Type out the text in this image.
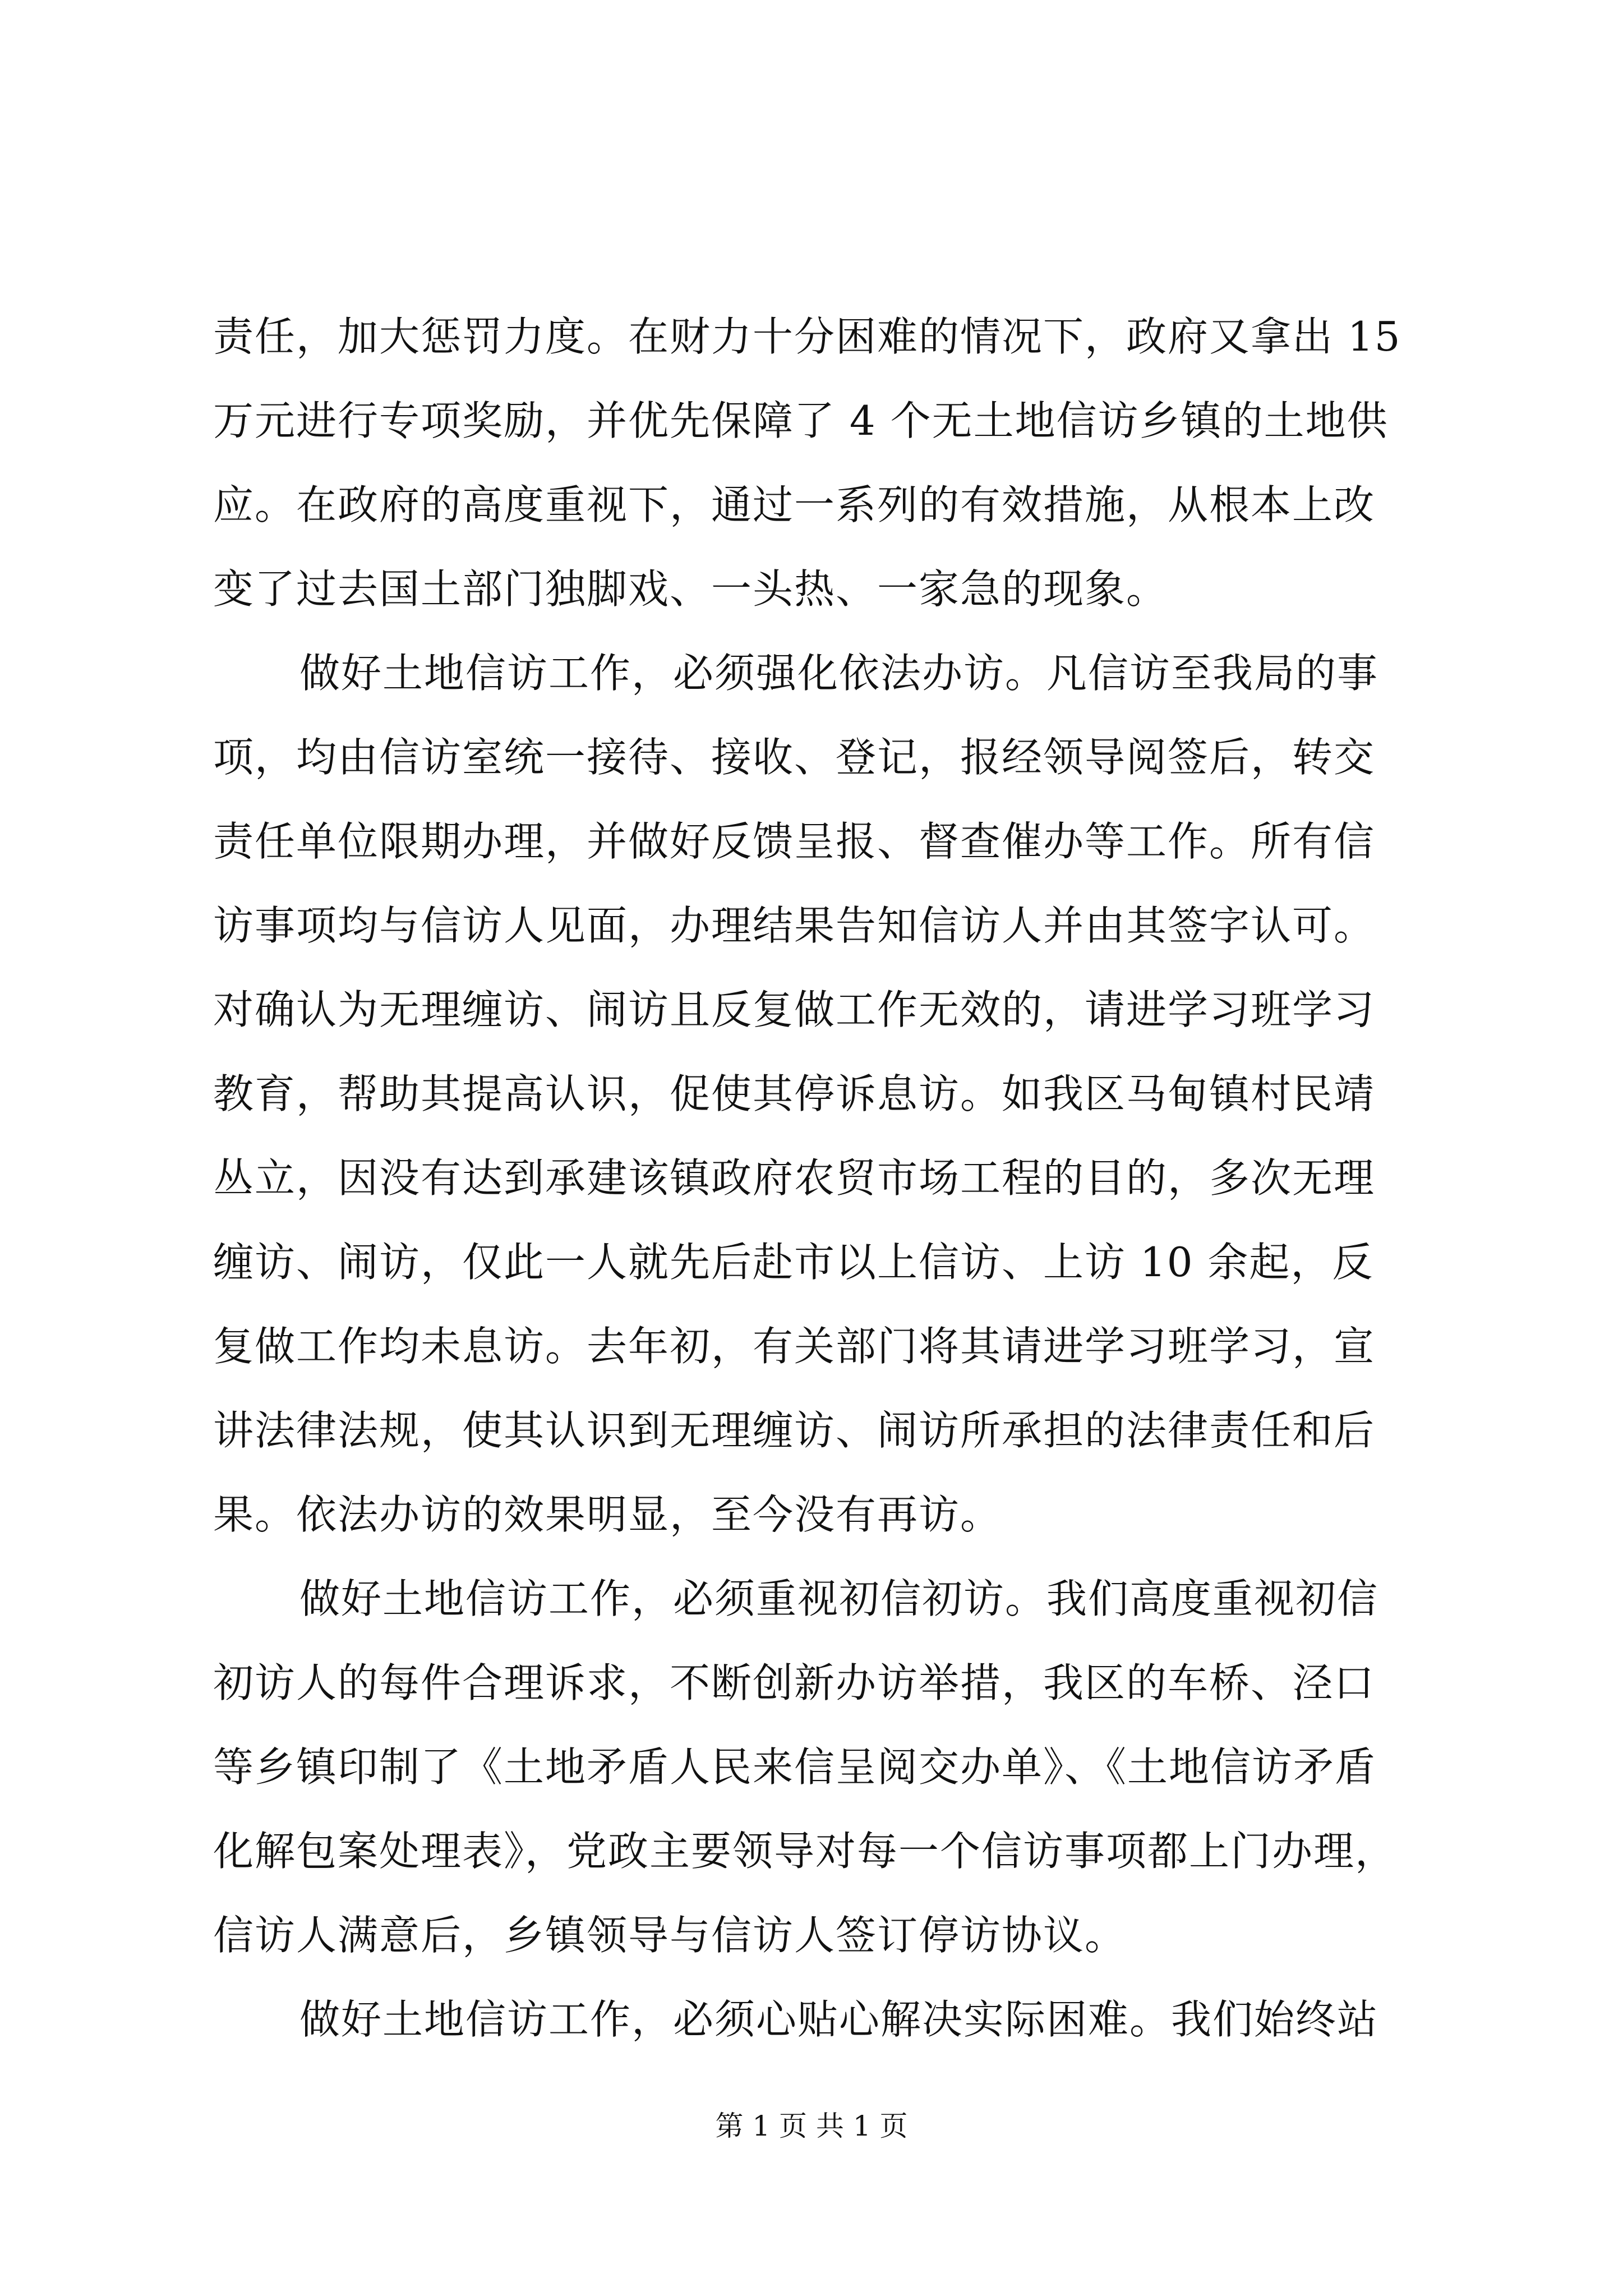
责任，加大惩罚力度。在财力十分困难的情况下，政府又拿出 15
万元进行专项奖励，并优先保障了 4 个无土地信访乡镇的土地供
应。在政府的高度重视下，通过一系列的有效措施，从根本上改
变了过去国土部门独脚戏、一头热、一家急的现象。
做好土地信访工作，必须强化依法办访。凡信访至我局的事
项，均由信访室统一接待、接收、登记，报经领导阅签后，转交
责任单位限期办理，并做好反馈呈报、督查催办等工作。所有信
访事项均与信访人见面，办理结果告知信访人并由其签字认可。
对确认为无理缠访、闹访且反复做工作无效的，请进学习班学习
教育，帮助其提高认识，促使其停诉息访。如我区马甸镇村民靖
丛立，因没有达到承建该镇政府农贸市场工程的目的，多次无理
缠访、闹访，仅此一人就先后赴市以上信访、上访 10 余起，反
复做工作均未息访。去年初，有关部门将其请进学习班学习，宣
讲法律法规，使其认识到无理缠访、闹访所承担的法律责任和后
果。依法办访的效果明显，至今没有再访。
做好土地信访工作，必须重视初信初访。我们高度重视初信
初访人的每件合理诉求，不断创新办访举措，我区的车桥、泾口
等乡镇印制了《土地矛盾人民来信呈阅交办单》、《土地信访矛盾
化解包案处理表》，党政主要领导对每一个信访事项都上门办理，
信访人满意后，乡镇领导与信访人签订停访协议。
做好土地信访工作，必须心贴心解决实际困难。我们始终站
第 1 页 共 1 页
